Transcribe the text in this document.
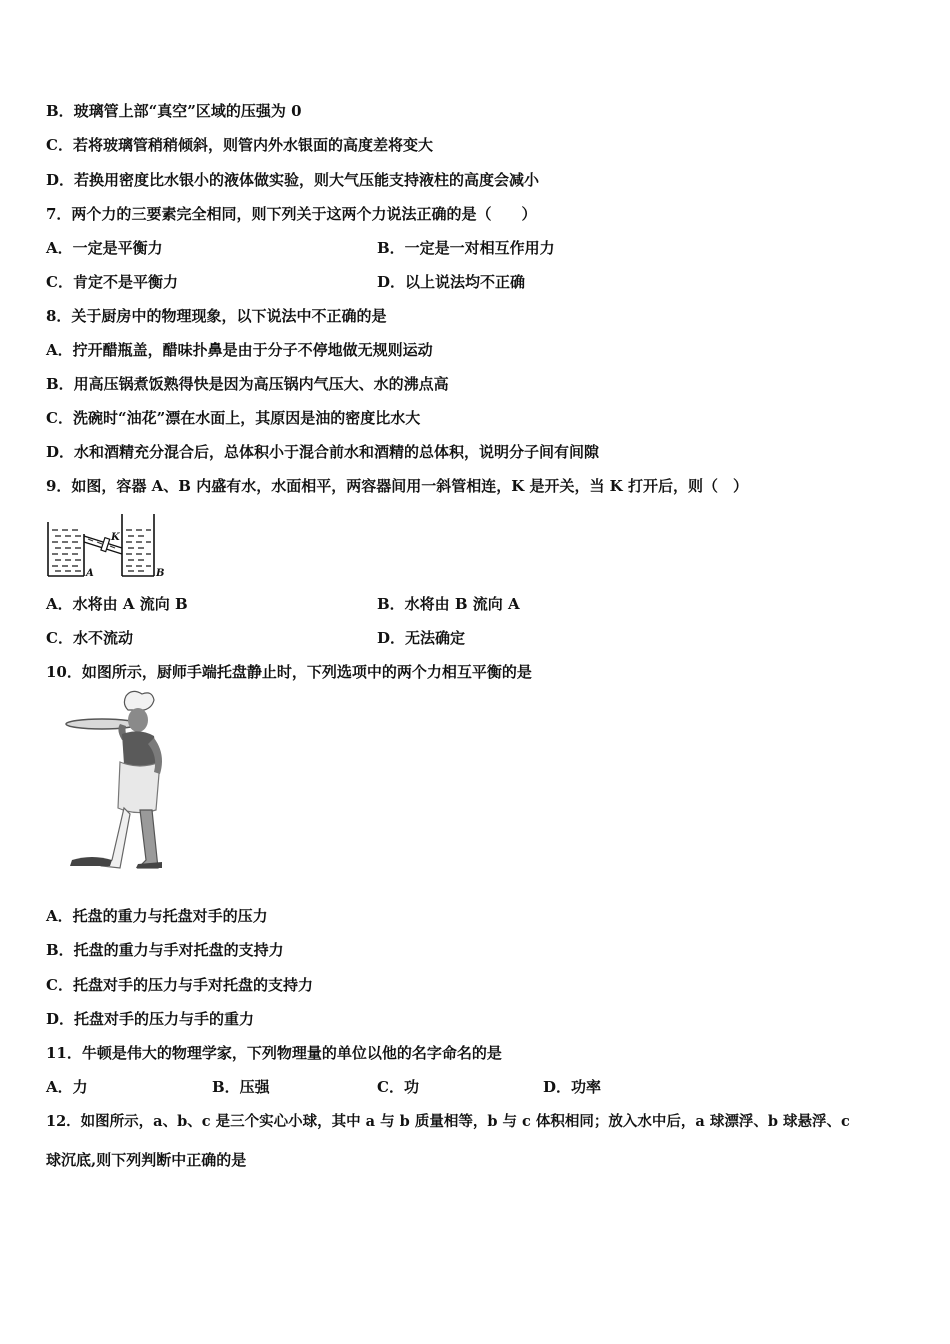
B．玻璃管上部“真空”区域的压强为 0
C．若将玻璃管稍稍倾斜，则管内外水银面的高度差将变大
D．若换用密度比水银小的液体做实验，则大气压能支持液柱的高度会减小
7．两个力的三要素完全相同，则下列关于这两个力说法正确的是（　　）
A．一定是平衡力	B．一定是一对相互作用力
C．肯定不是平衡力	D．以上说法均不正确
8．关于厨房中的物理现象，以下说法中不正确的是
A．拧开醋瓶盖，醋味扑鼻是由于分子不停地做无规则运动
B．用高压锅煮饭熟得快是因为高压锅内气压大、水的沸点高
C．洗碗时“油花”漂在水面上，其原因是油的密度比水大
D．水和酒精充分混合后，总体积小于混合前水和酒精的总体积，说明分子间有间隙
9．如图，容器 A、B 内盛有水，水面相平，两容器间用一斜管相连，K 是开关，当 K 打开后，则（　）
K
A	B
A．水将由 A 流向 B	B．水将由 B 流向 A
C．水不流动	D．无法确定
10．如图所示，厨师手端托盘静止时，下列选项中的两个力相互平衡的是
A．托盘的重力与托盘对手的压力
B．托盘的重力与手对托盘的支持力
C．托盘对手的压力与手对托盘的支持力
D．托盘对手的压力与手的重力
11．牛顿是伟大的物理学家，下列物理量的单位以他的名字命名的是
A．力	B．压强	C．功	D．功率
12．如图所示，a、b、c 是三个实心小球，其中 a 与 b 质量相等，b 与 c 体积相同；放入水中后，a 球漂浮、b 球悬浮、c
球沉底,则下列判断中正确的是
